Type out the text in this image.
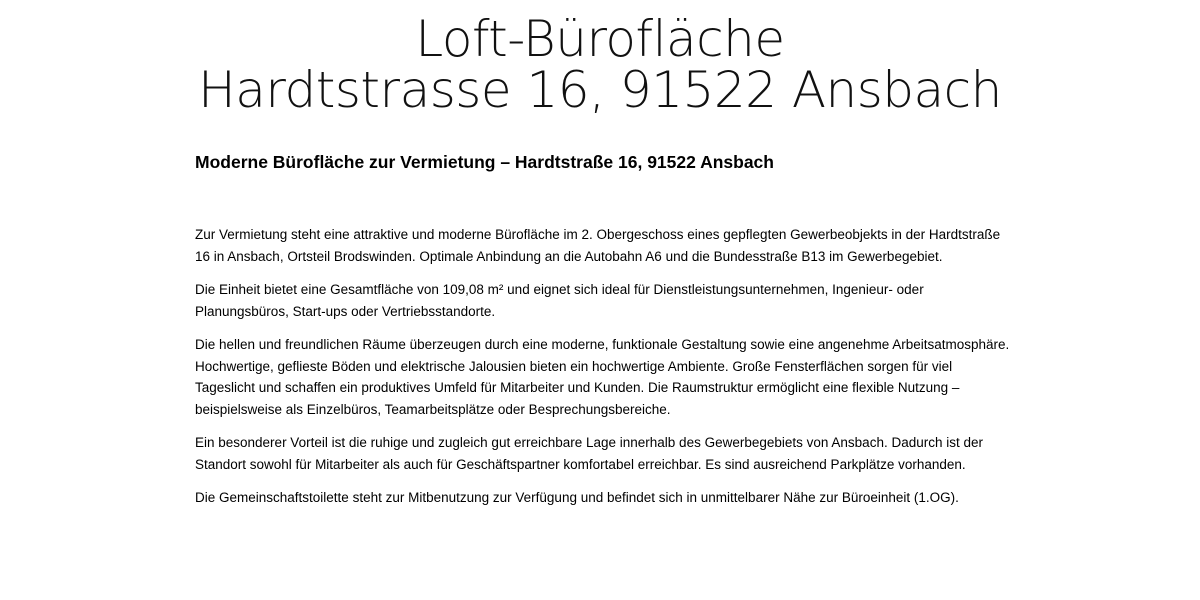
Loft-Bürofläche
Hardtstrasse 16, 91522 Ansbach
Moderne Bürofläche zur Vermietung – Hardtstraße 16, 91522 Ansbach

Zur Vermietung steht eine attraktive und moderne Bürofläche im 2. Obergeschoss eines gepflegten Gewerbeobjekts in der Hardtstraße 16 in Ansbach, Ortsteil Brodswinden. Optimale Anbindung an die Autobahn A6 und die Bundesstraße B13 im Gewerbegebiet.

Die Einheit bietet eine Gesamtfläche von 109,08 m² und eignet sich ideal für Dienstleistungsunternehmen, Ingenieur- oder Planungsbüros, Start-ups oder Vertriebsstandorte.

Die hellen und freundlichen Räume überzeugen durch eine moderne, funktionale Gestaltung sowie eine angenehme Arbeitsatmosphäre. Hochwertige, geflieste Böden und elektrische Jalousien bieten ein hochwertige Ambiente. Große Fensterflächen sorgen für viel Tageslicht und schaffen ein produktives Umfeld für Mitarbeiter und Kunden. Die Raumstruktur ermöglicht eine flexible Nutzung – beispielsweise als Einzelbüros, Teamarbeitsplätze oder Besprechungsbereiche.

Ein besonderer Vorteil ist die ruhige und zugleich gut erreichbare Lage innerhalb des Gewerbegebiets von Ansbach. Dadurch ist der Standort sowohl für Mitarbeiter als auch für Geschäftspartner komfortabel erreichbar. Es sind ausreichend Parkplätze vorhanden.

Die Gemeinschaftstoilette steht zur Mitbenutzung zur Verfügung und befindet sich in unmittelbarer Nähe zur Büroeinheit (1.OG).
